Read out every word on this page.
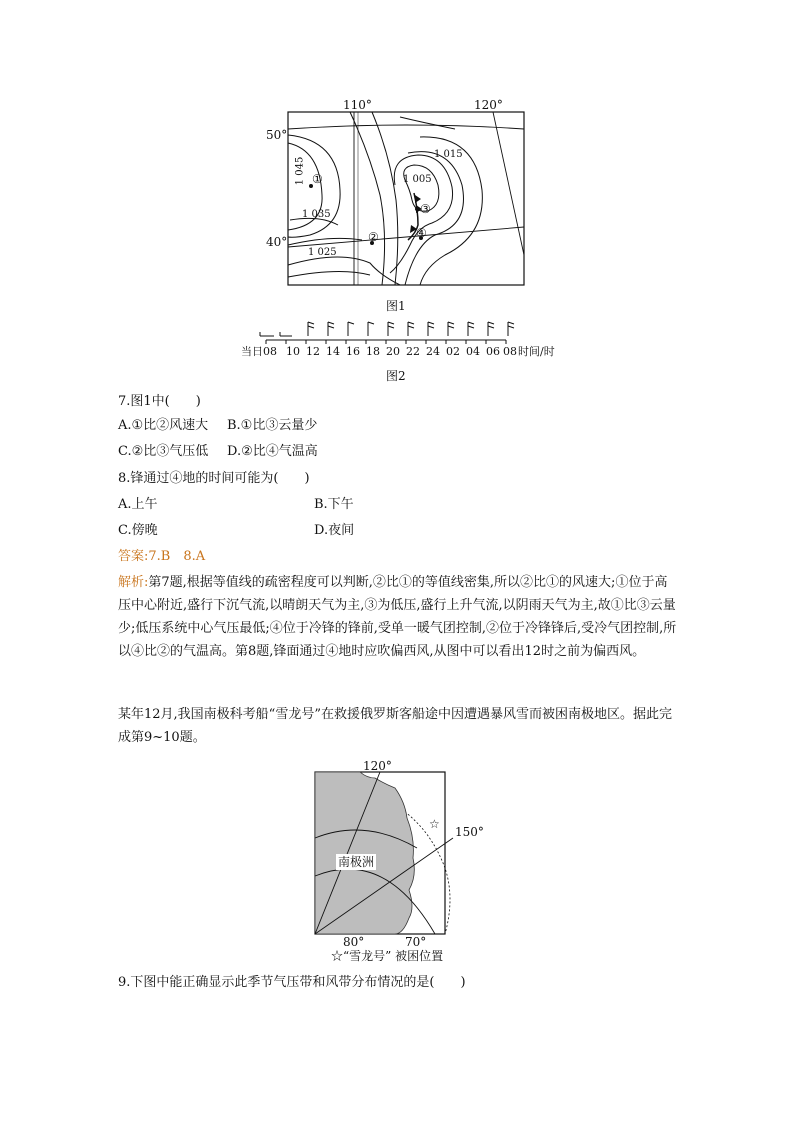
110°	120°
50°
40°
1 045
1 035
1 025
1 015
1 005
①
②
③
④
图1
当日08 10 12 14 16 18 20 22 24 02 04 06 08 时间/时
图2
7.图1中(　　)
A.①比②风速大 B.①比③云量少
C.②比③气压低 D.②比④气温高
8.锋通过④地的时间可能为(　　)
A.上午	B.下午
C.傍晚	D.夜间
答案:7.B　8.A
解析:第7题,根据等值线的疏密程度可以判断,②比①的等值线密集,所以②比①的风速大;①位于高压中心附近,盛行下沉气流,以晴朗天气为主,③为低压,盛行上升气流,以阴雨天气为主,故①比③云量少;低压系统中心气压最低;④位于冷锋的锋前,受单一暖气团控制,②位于冷锋锋后,受冷气团控制,所以④比②的气温高。第8题,锋面通过④地时应吹偏西风,从图中可以看出12时之前为偏西风。
某年12月,我国南极科考船“雪龙号”在救援俄罗斯客船途中因遭遇暴风雪而被困南极地区。据此完成第9~10题。
☆
120°
150°
80°	70°
南极洲
☆“雪龙号” 被困位置
9.下图中能正确显示此季节气压带和风带分布情况的是(　　)
